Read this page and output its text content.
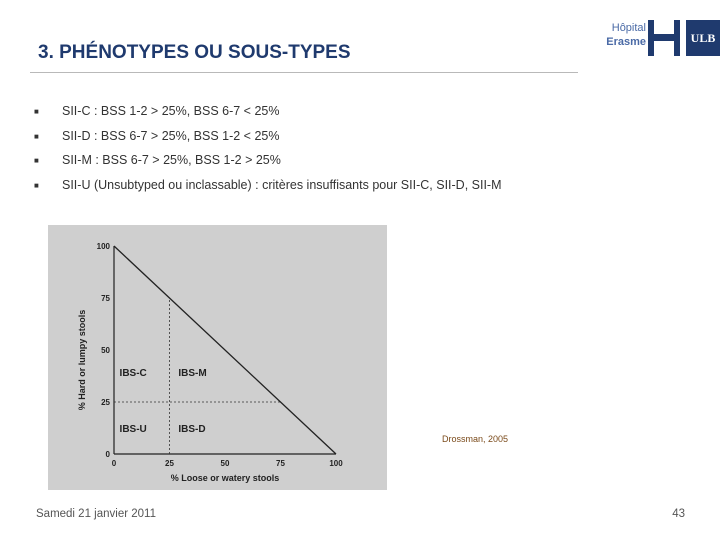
3. PHÉNOTYPES OU SOUS-TYPES
Hôpital
Erasme	ULB
■ SII-C : BSS 1-2 > 25%, BSS 6-7 < 25%
■ SII-D : BSS 6-7 > 25%, BSS 1-2 < 25%
■ SII-M : BSS 6-7 > 25%, BSS 1-2 > 25%
■ SII-U (Unsubtyped ou inclassable) : critères insuffisants pour SII-C, SII-D, SII-M
0	25	50	75	100
0
25
50
75
100
IBS-C	IBS-M
IBS-U	IBS-D
% Loose or watery stools
% Hard or lumpy stools
Drossman, 2005
Samedi 21 janvier 2011	43
